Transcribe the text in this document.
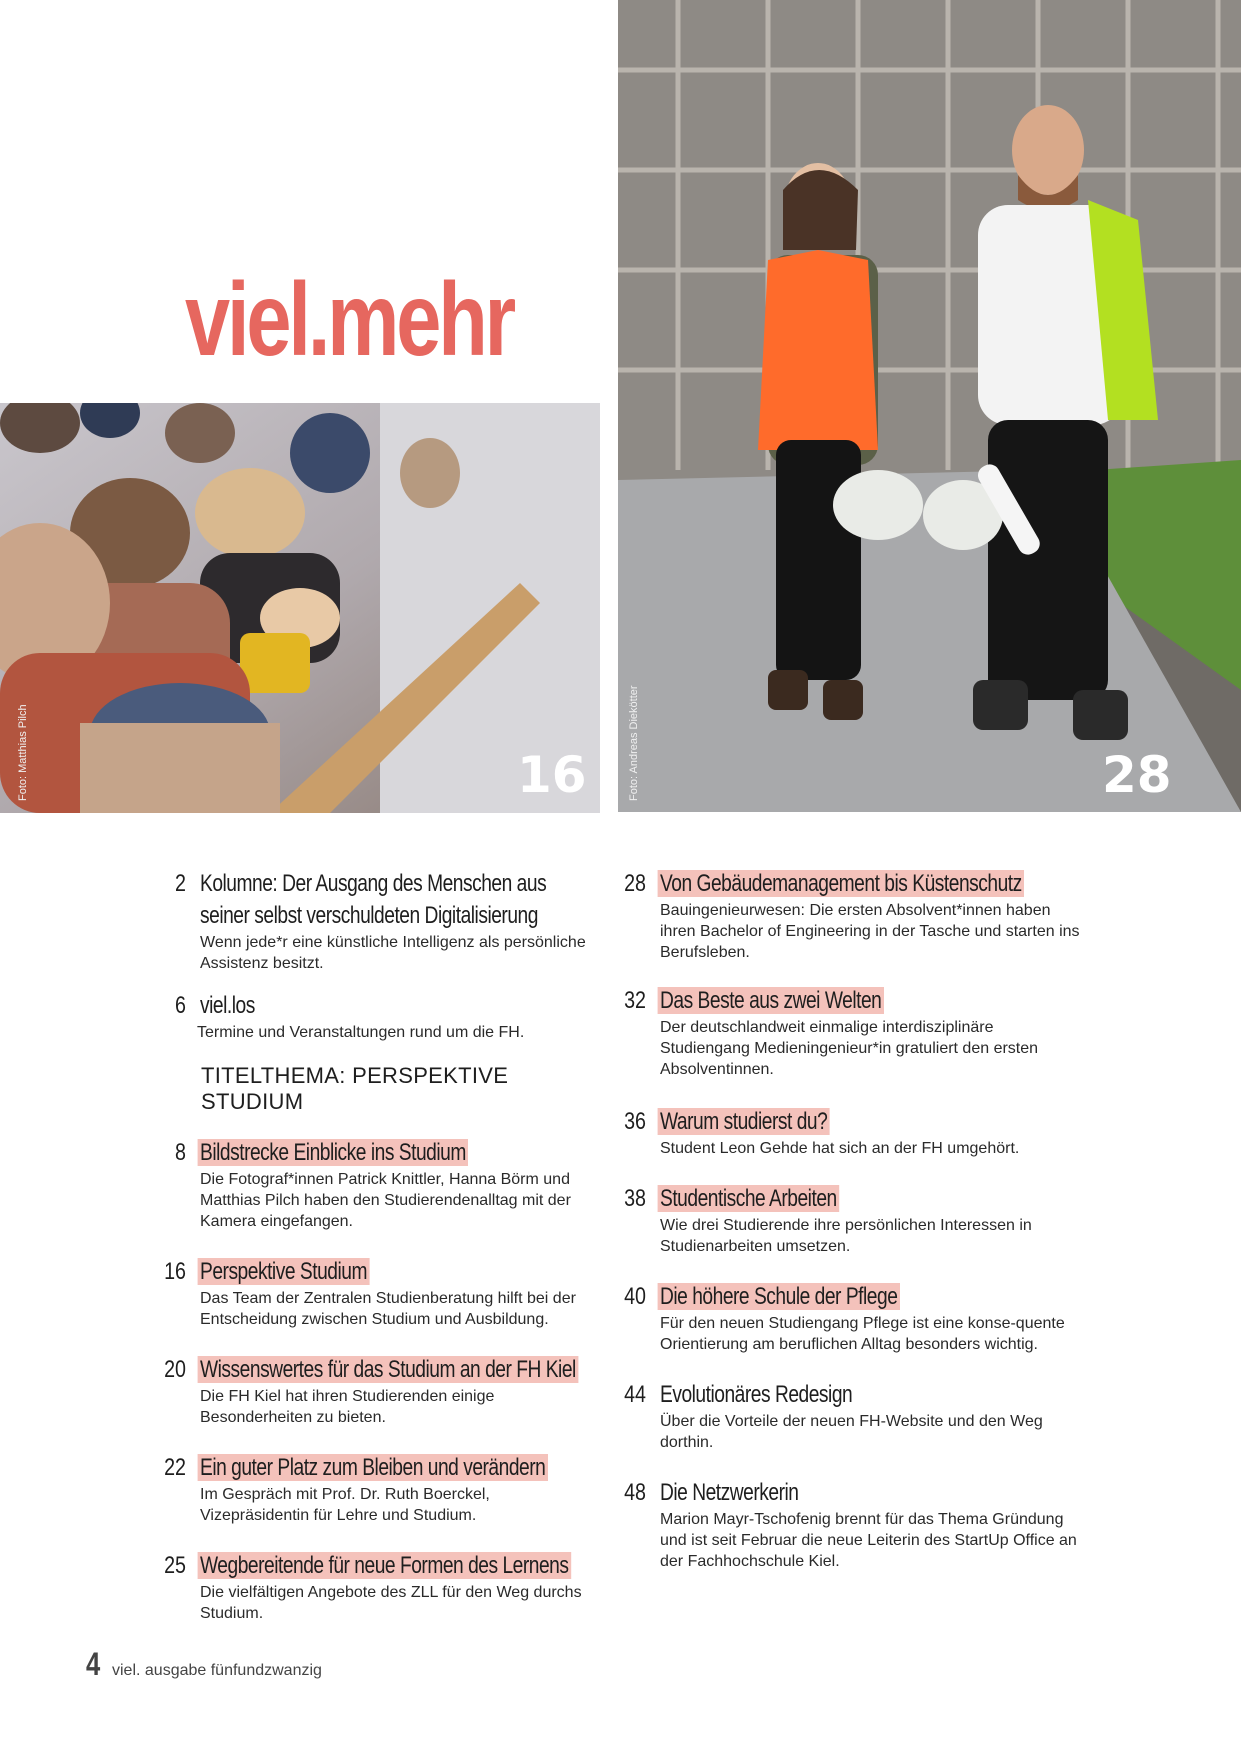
viel.mehr
Foto: Matthias Pilch	16	Foto: Andreas Diekötter	28
2 Kolumne: Der Ausgang des Menschen aus seiner selbst verschuldeten Digitalisierung
Wenn jede*r eine künstliche Intelligenz als persönliche Assistenz besitzt.
6 viel.los
Termine und Veranstaltungen rund um die FH.
TITELTHEMA: PERSPEKTIVE STUDIUM
8 Bildstrecke Einblicke ins Studium
Die Fotograf*innen Patrick Knittler, Hanna Börm und Matthias Pilch haben den Studierendenalltag mit der Kamera eingefangen.
16 Perspektive Studium
Das Team der Zentralen Studienberatung hilft bei der Entscheidung zwischen Studium und Ausbildung.
20 Wissenswertes für das Studium an der FH Kiel
Die FH Kiel hat ihren Studierenden einige Besonderheiten zu bieten.
22 Ein guter Platz zum Bleiben und verändern
Im Gespräch mit Prof. Dr. Ruth Boerckel, Vizepräsidentin für Lehre und Studium.
25 Wegbereitende für neue Formen des Lernens
Die vielfältigen Angebote des ZLL für den Weg durchs Studium.
28 Von Gebäudemanagement bis Küstenschutz
Bauingenieurwesen: Die ersten Absolvent*innen haben ihren Bachelor of Engineering in der Tasche und starten ins Berufsleben.
32 Das Beste aus zwei Welten
Der deutschlandweit einmalige interdisziplinäre Studiengang Medieningenieur*in gratuliert den ersten Absolventinnen.
36 Warum studierst du?
Student Leon Gehde hat sich an der FH umgehört.
38 Studentische Arbeiten
Wie drei Studierende ihre persönlichen Interessen in Studienarbeiten umsetzen.
40 Die höhere Schule der Pflege
Für den neuen Studiengang Pflege ist eine konse-quente Orientierung am beruflichen Alltag besonders wichtig.
44 Evolutionäres Redesign
Über die Vorteile der neuen FH-Website und den Weg dorthin.
48 Die Netzwerkerin
Marion Mayr-Tschofenig brennt für das Thema Gründung und ist seit Februar die neue Leiterin des StartUp Office an der Fachhochschule Kiel.
4 viel. ausgabe fünfundzwanzig
